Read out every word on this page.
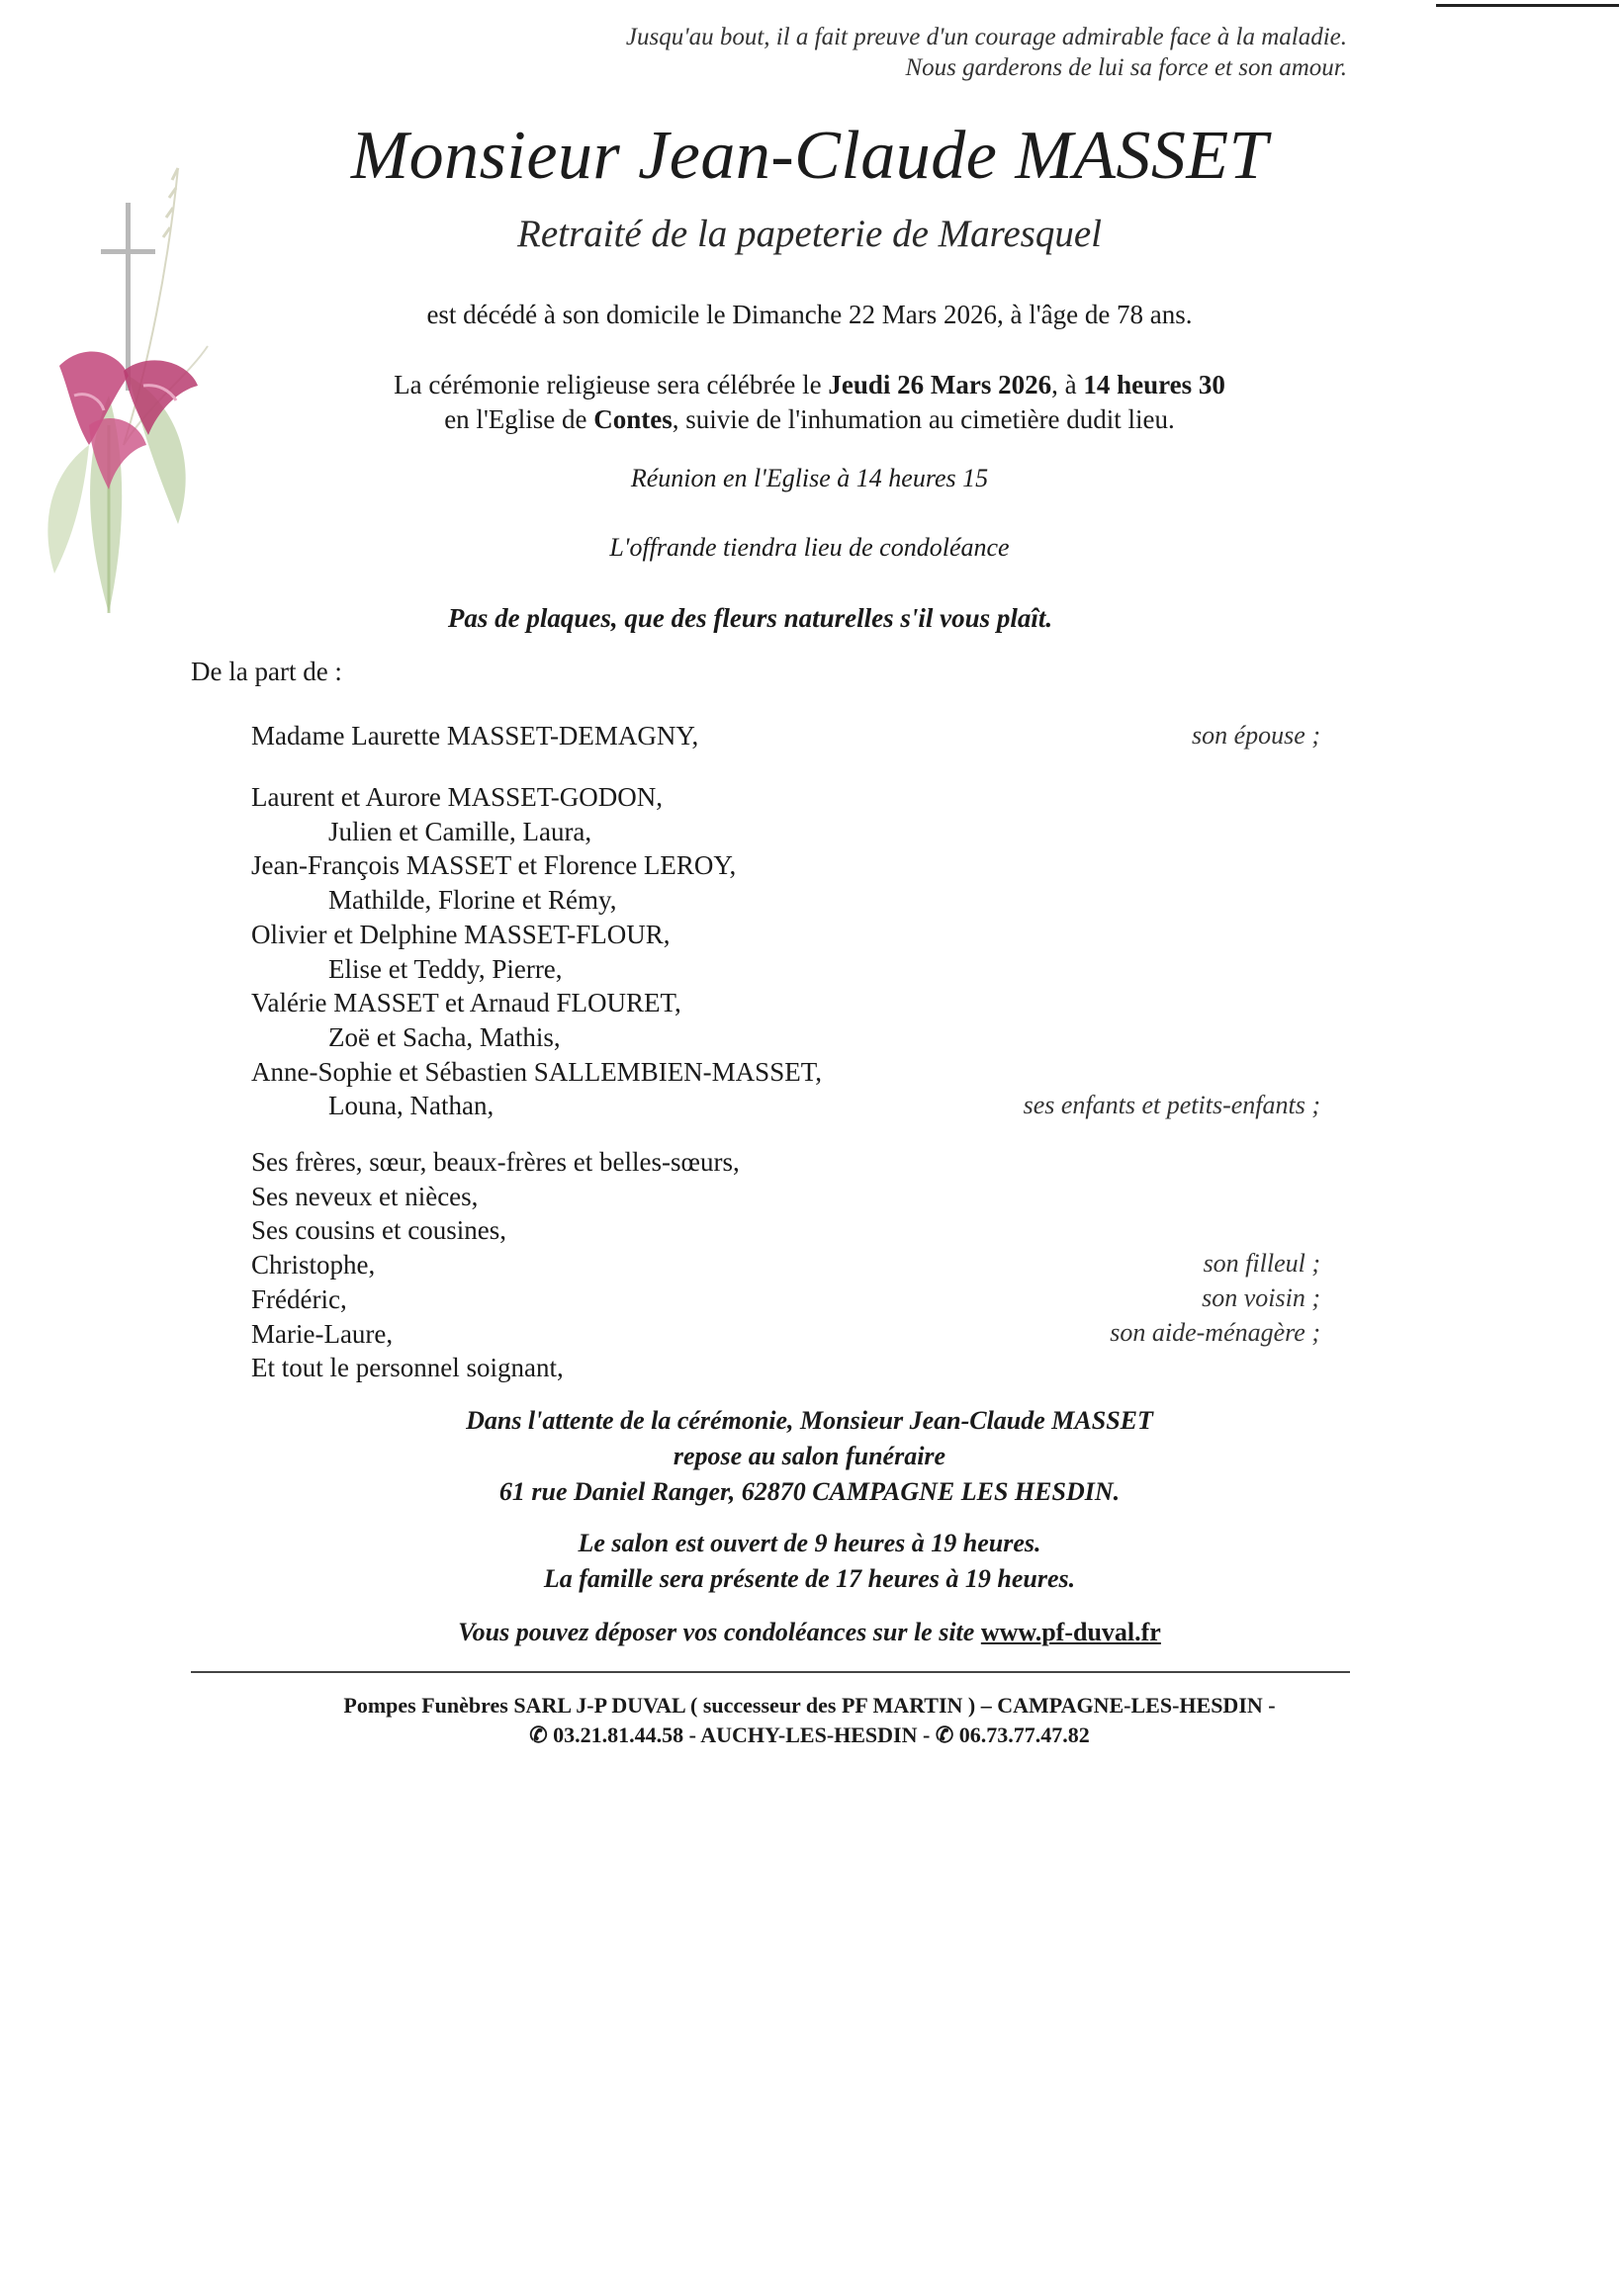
Jusqu'au bout, il a fait preuve d'un courage admirable face à la maladie.
Nous garderons de lui sa force et son amour.
Monsieur Jean-Claude MASSET
Retraité de la papeterie de Maresquel
est décédé à son domicile le Dimanche 22 Mars 2026, à l'âge de 78 ans.
La cérémonie religieuse sera célébrée le Jeudi 26 Mars 2026, à 14 heures 30
en l'Eglise de Contes, suivie de l'inhumation au cimetière dudit lieu.
Réunion en l'Eglise à 14 heures 15
L'offrande tiendra lieu de condoléance
Pas de plaques, que des fleurs naturelles s'il vous plaît.
De la part de :
Madame Laurette MASSET-DEMAGNY,	son épouse ;
Laurent et Aurore MASSET-GODON,
Julien et Camille, Laura,
Jean-François MASSET et Florence LEROY,
Mathilde, Florine et Rémy,
Olivier et Delphine MASSET-FLOUR,
Elise et Teddy, Pierre,
Valérie MASSET et Arnaud FLOURET,
Zoë et Sacha, Mathis,
Anne-Sophie et Sébastien SALLEMBIEN-MASSET,
Louna, Nathan,	ses enfants et petits-enfants ;
Ses frères, sœur, beaux-frères et belles-sœurs,
Ses neveux et nièces,
Ses cousins et cousines,
Christophe,
Frédéric,
Marie-Laure,
Et tout le personnel soignant,
son filleul ;
son voisin ;
son aide-ménagère ;
Dans l'attente de la cérémonie, Monsieur Jean-Claude MASSET
repose au salon funéraire
61 rue Daniel Ranger, 62870 CAMPAGNE LES HESDIN.
Le salon est ouvert de 9 heures à 19 heures.
La famille sera présente de 17 heures à 19 heures.
Vous pouvez déposer vos condoléances sur le site www.pf-duval.fr
Pompes Funèbres SARL J-P DUVAL ( successeur des PF MARTIN ) – CAMPAGNE-LES-HESDIN -
✆ 03.21.81.44.58 - AUCHY-LES-HESDIN - ✆ 06.73.77.47.82
